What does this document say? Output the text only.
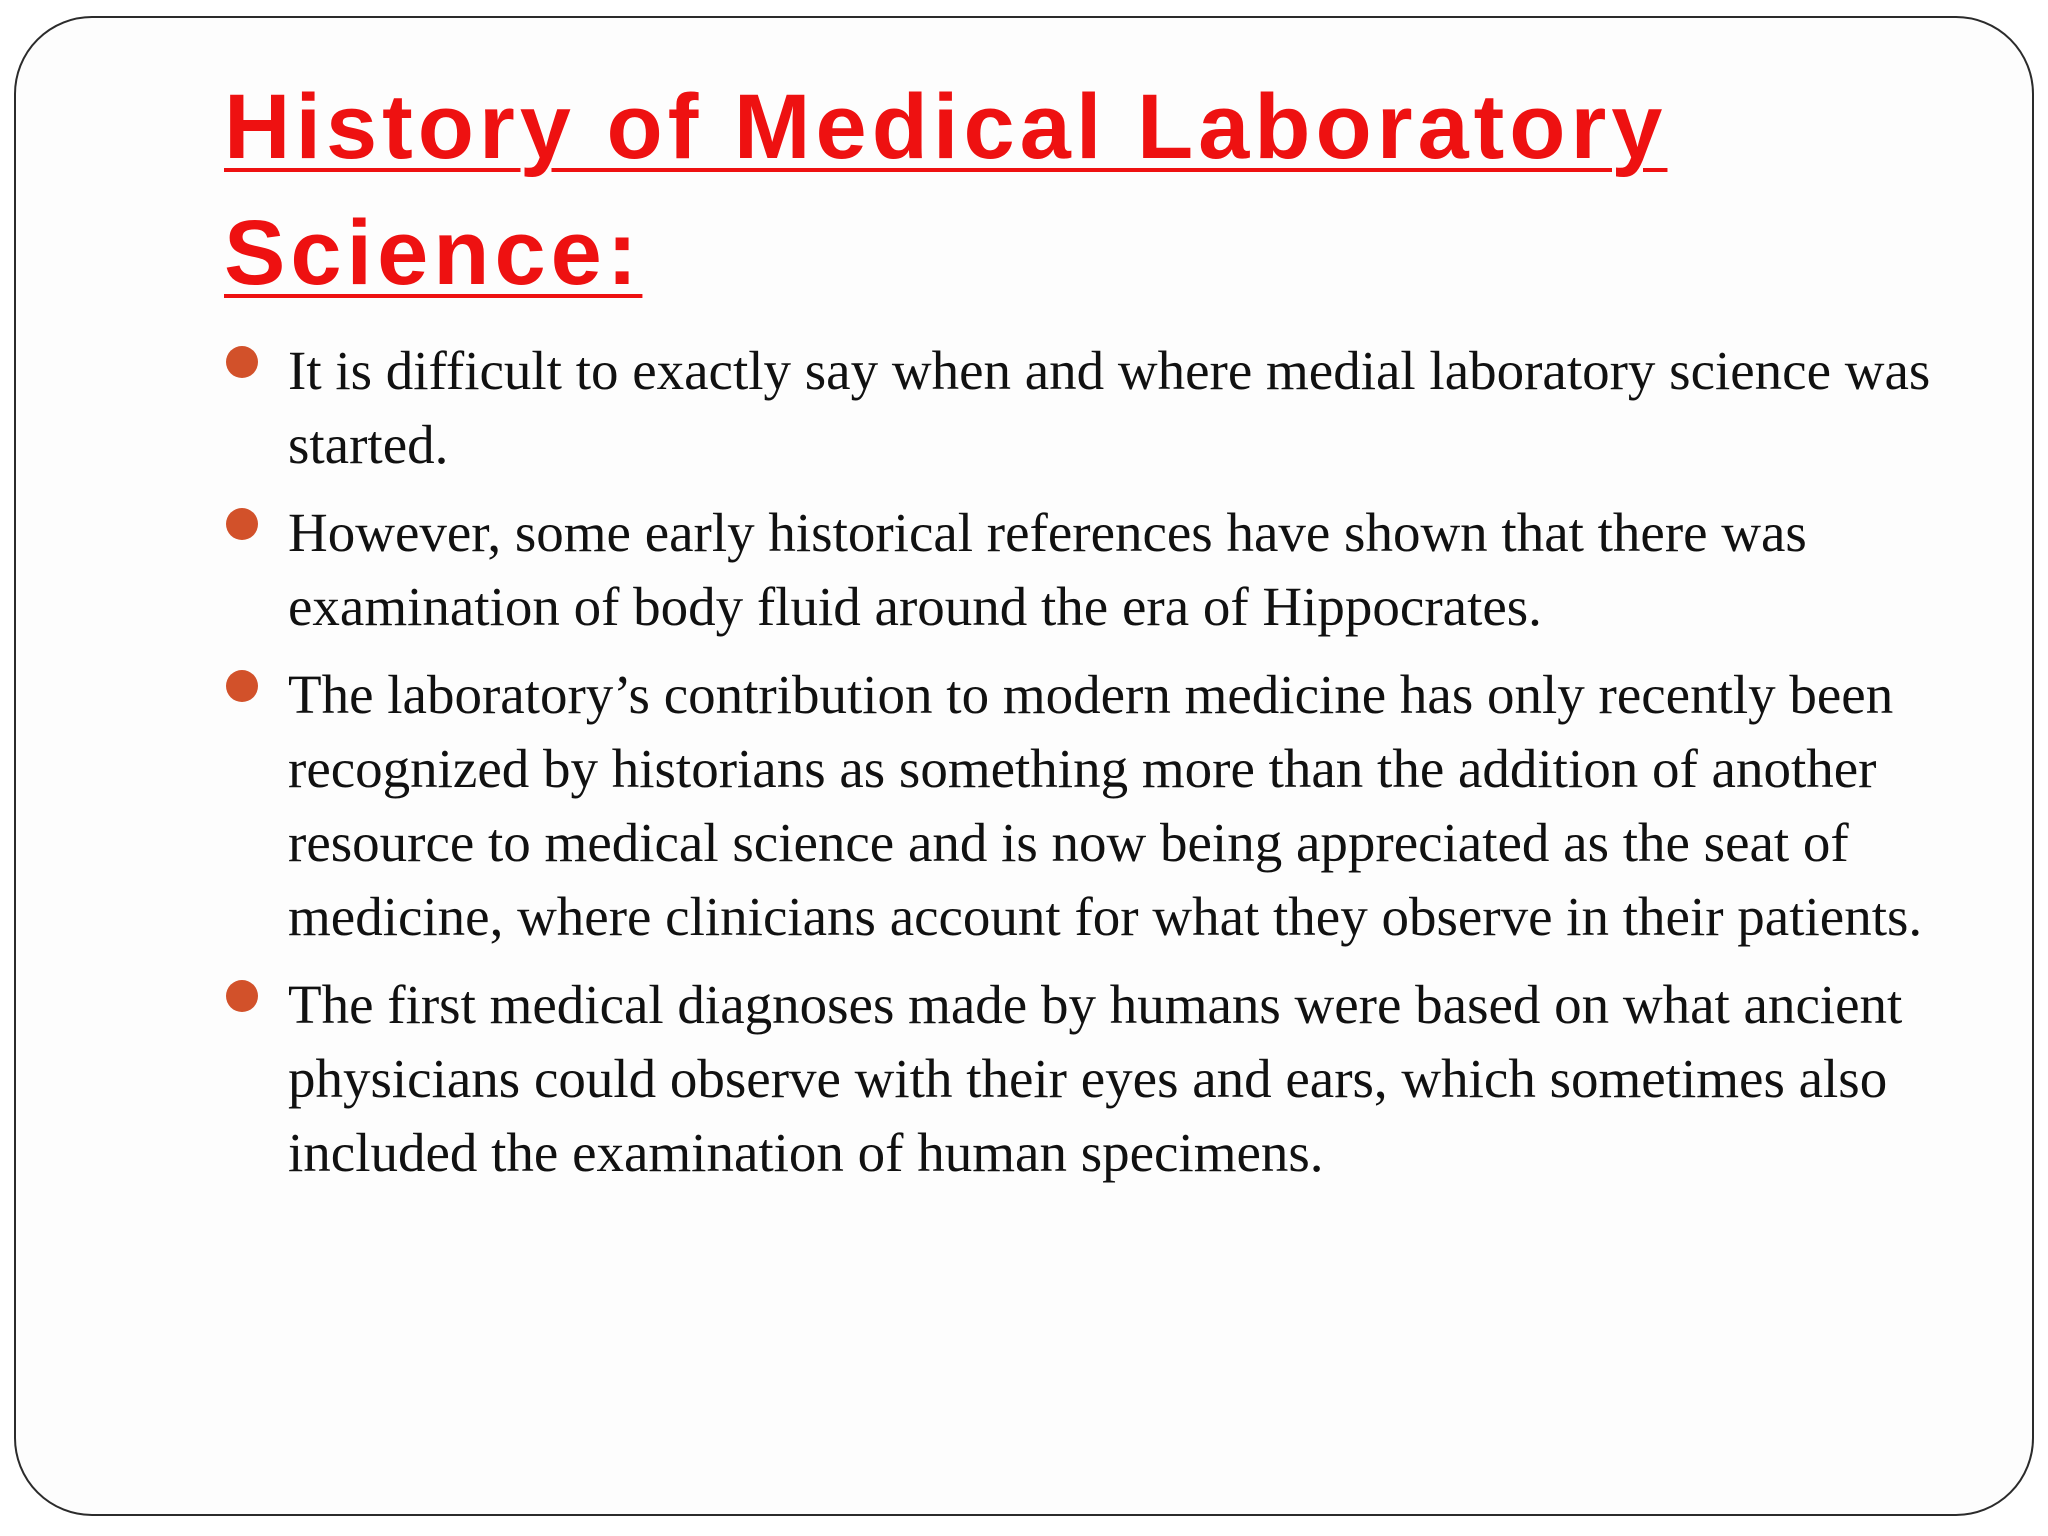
History of Medical Laboratory Science:
It is difficult to exactly say when and where medial laboratory science was started.
However, some early historical references have shown that there was examination of body fluid around the era of Hippocrates.
The laboratory’s contribution to modern medicine has only recently been recognized by historians as something more than the addition of another resource to medical science and is now being appreciated as the seat of medicine, where clinicians account for what they observe in their patients.
The first medical diagnoses made by humans were based on what ancient physicians could observe with their eyes and ears, which sometimes also included the examination of human specimens.
